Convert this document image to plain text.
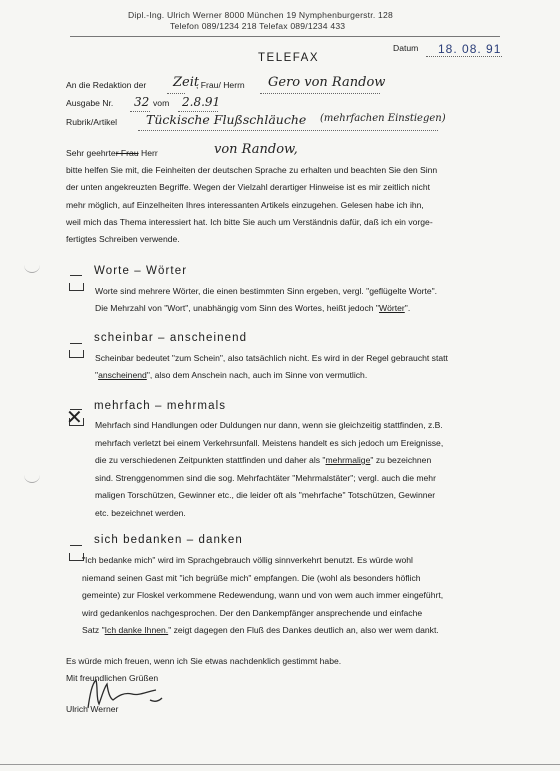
Dipl.-Ing. Ulrich Werner 8000 München 19 Nymphenburgerstr. 128
Telefon 089/1234 218 Telefax 089/1234 433
Datum 18. 08. 91
TELEFAX
An die Redaktion der Zeit
, Frau/ Herrn Gero von Randow
Ausgabe Nr. 32 vom 2.8.91
Rubrik/Artikel Tückische Flußschläuche (mehrfachen Einstiegen)
Sehr geehrter Frau Herr	von Randow,
bitte helfen Sie mit, die Feinheiten der deutschen Sprache zu erhalten und beachten Sie den Sinn
der unten angekreuzten Begriffe. Wegen der Vielzahl derartiger Hinweise ist es mir zeitlich nicht
mehr möglich, auf Einzelheiten Ihres interessanten Artikels einzugehen. Gelesen habe ich ihn,
weil mich das Thema interessiert hat. Ich bitte Sie auch um Verständnis dafür, daß ich ein vorge-
fertigtes Schreiben verwende.
Worte – Wörter
Worte sind mehrere Wörter, die einen bestimmten Sinn ergeben, vergl. "geflügelte Worte".
Die Mehrzahl von "Wort", unabhängig vom Sinn des Wortes, heißt jedoch "Wörter".
scheinbar – anscheinend
Scheinbar bedeutet "zum Schein", also tatsächlich nicht. Es wird in der Regel gebraucht statt
"anscheinend", also dem Anschein nach, auch im Sinne von vermutlich.
✕ mehrfach – mehrmals
Mehrfach sind Handlungen oder Duldungen nur dann, wenn sie gleichzeitig stattfinden, z.B.
mehrfach verletzt bei einem Verkehrsunfall. Meistens handelt es sich jedoch um Ereignisse,
die zu verschiedenen Zeitpunkten stattfinden und daher als "mehrmalige" zu bezeichnen
sind. Strenggenommen sind die sog. Mehrfachtäter "Mehrmalstäter"; vergl. auch die mehr
maligen Torschützen, Gewinner etc., die leider oft als "mehrfache" Totschützen, Gewinner
etc. bezeichnet werden.
sich bedanken – danken
"Ich bedanke mich" wird im Sprachgebrauch völlig sinnverkehrt benutzt. Es würde wohl
niemand seinen Gast mit "ich begrüße mich" empfangen. Die (wohl als besonders höflich
gemeinte) zur Floskel verkommene Redewendung, wann und von wem auch immer eingeführt,
wird gedankenlos nachgesprochen. Der den Dankempfänger ansprechende und einfache
Satz "Ich danke Ihnen." zeigt dagegen den Fluß des Dankes deutlich an, also wer wem dankt.
Es würde mich freuen, wenn ich Sie etwas nachdenklich gestimmt habe.
Mit freundlichen Grüßen
Ulrich Werner
